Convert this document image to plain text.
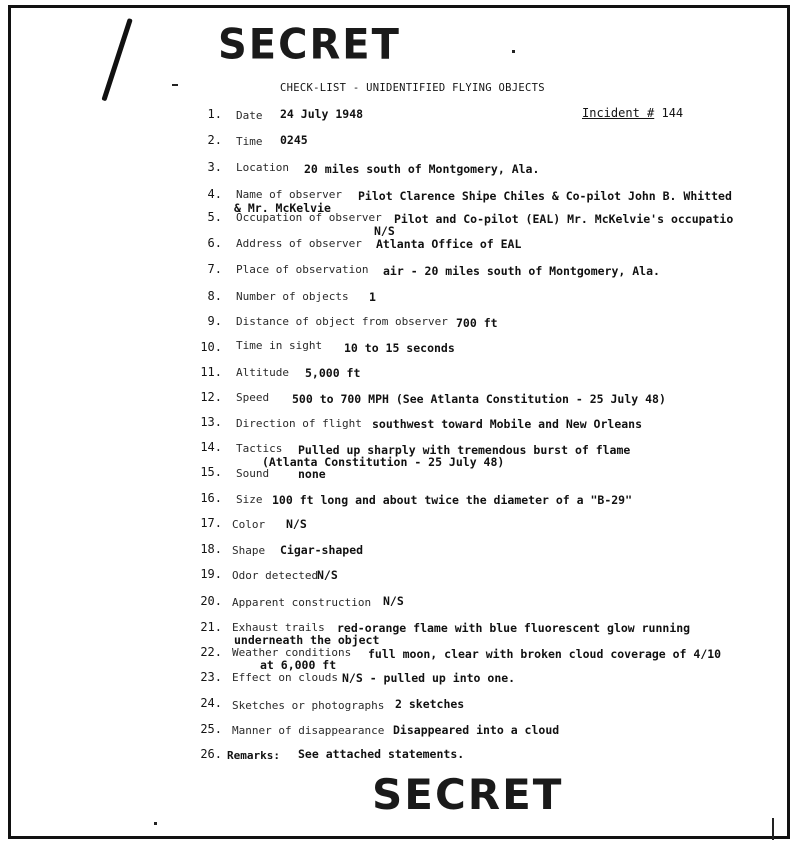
SECRET
CHECK-LIST - UNIDENTIFIED FLYING OBJECTS
Incident # 144
1. Date 24 July 1948
2. Time 0245
3. Location 20 miles south of Montgomery, Ala.
4. Name of observer Pilot Clarence Shipe Chiles & Co-pilot John B. Whitted
& Mr. McKelvie
5. Occupation of observer Pilot and Co-pilot (EAL) Mr. McKelvie's occupatio
N/S
6. Address of observer Atlanta Office of EAL
7. Place of observation air - 20 miles south of Montgomery, Ala.
8. Number of objects 1
9. Distance of object from observer 700 ft
10. Time in sight 10 to 15 seconds
11. Altitude 5,000 ft
12. Speed 500 to 700 MPH (See Atlanta Constitution - 25 July 48)
13. Direction of flight southwest toward Mobile and New Orleans
14. Tactics Pulled up sharply with tremendous burst of flame
(Atlanta Constitution - 25 July 48)
15. Sound	none
16. Size 100 ft long and about twice the diameter of a "B-29"
17. Color N/S
18. Shape Cigar-shaped
19. Odor detected
N/S
20. Apparent construction N/S
21. Exhaust trails red-orange flame with blue fluorescent glow running
underneath the object
22. Weather conditions full moon, clear with broken cloud coverage of 4/10
at 6,000 ft
23. Effect on clouds N/S - pulled up into one.
24. Sketches or photographs 2 sketches
25. Manner of disappearance Disappeared into a cloud
26. Remarks: See attached statements.
SECRET
